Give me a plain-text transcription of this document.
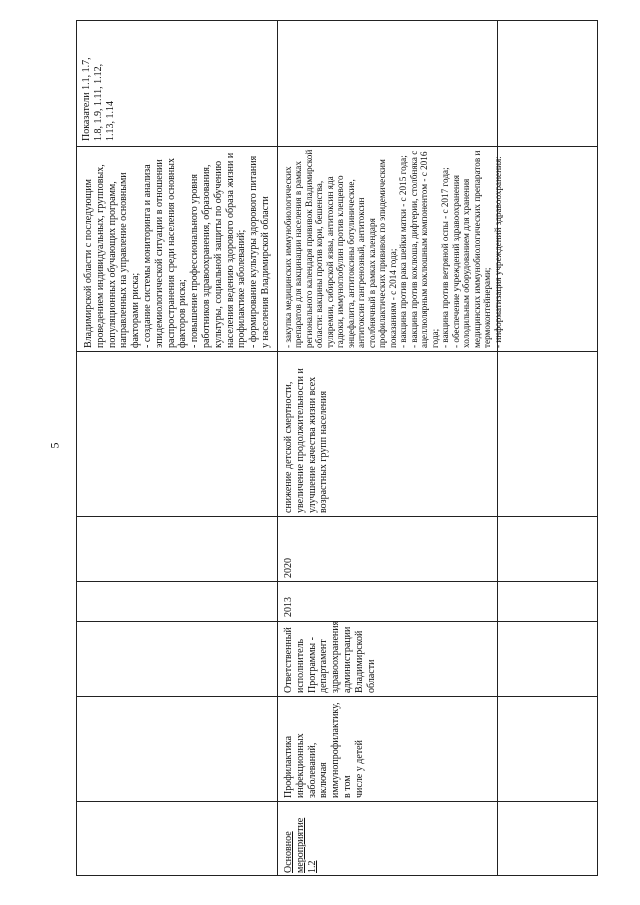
5
Владимирской области с последующим
проведением индивидуальных, групповых,
популяционных обучающих программ,
направленных на управление основными
факторами риска;
- создание системы мониторинга и анализа
эпидемиологической ситуации в отношении
распространения среди населения основных
факторов риска;
- повышение профессионального уровня
работников здравоохранения, образования,
культуры, социальной защиты по обучению
населения ведению здорового образа жизни и
профилактике заболеваний;
- формирование культуры здорового питания
у населения Владимирской области
Показатели 1.1, 1.7,
1.8, 1.9, 1.11, 1.12,
1.13, 1.14
Основное
мероприятие
1.2
Профилактика
инфекционных заболеваний,
включая
иммунопрофилактику, в том
числе у детей
Ответственный
исполнитель
Программы -
департамент
здравоохранения
администрации
Владимирской
области
2013
2020
снижение детской смертности,
увеличение продолжительности и
улучшение качества жизни всех
возрастных групп населения
- закупка медицинских иммунобиологических
препаратов для вакцинации населения в рамках
регионального календаря прививок Владимирской
области: вакцины против кори, бешенства,
туляремии, сибирской язвы, антитоксин яда
гадюки, иммуноглобулин против клещевого
энцефалита, антитоксины ботулинические,
антитоксин гангренозный, антитоксин
столбнячный в рамках календаря
профилактических прививок по эпидемическим
показаниям - с 2014 года;
- вакцина против рака шейки матки - с 2015 года;
- вакцина против коклюша, дифтерии, столбняка с
ацеллюлярным коклюшным компонентом - с 2016
года;
- вакцина против ветряной оспы - с 2017 года;
- обеспечение учреждений здравоохранения
холодильным оборудованием для хранения
медицинских иммунобиологических препаратов и
термоконтейнерами;
- информатизация учреждений здравоохранения:
